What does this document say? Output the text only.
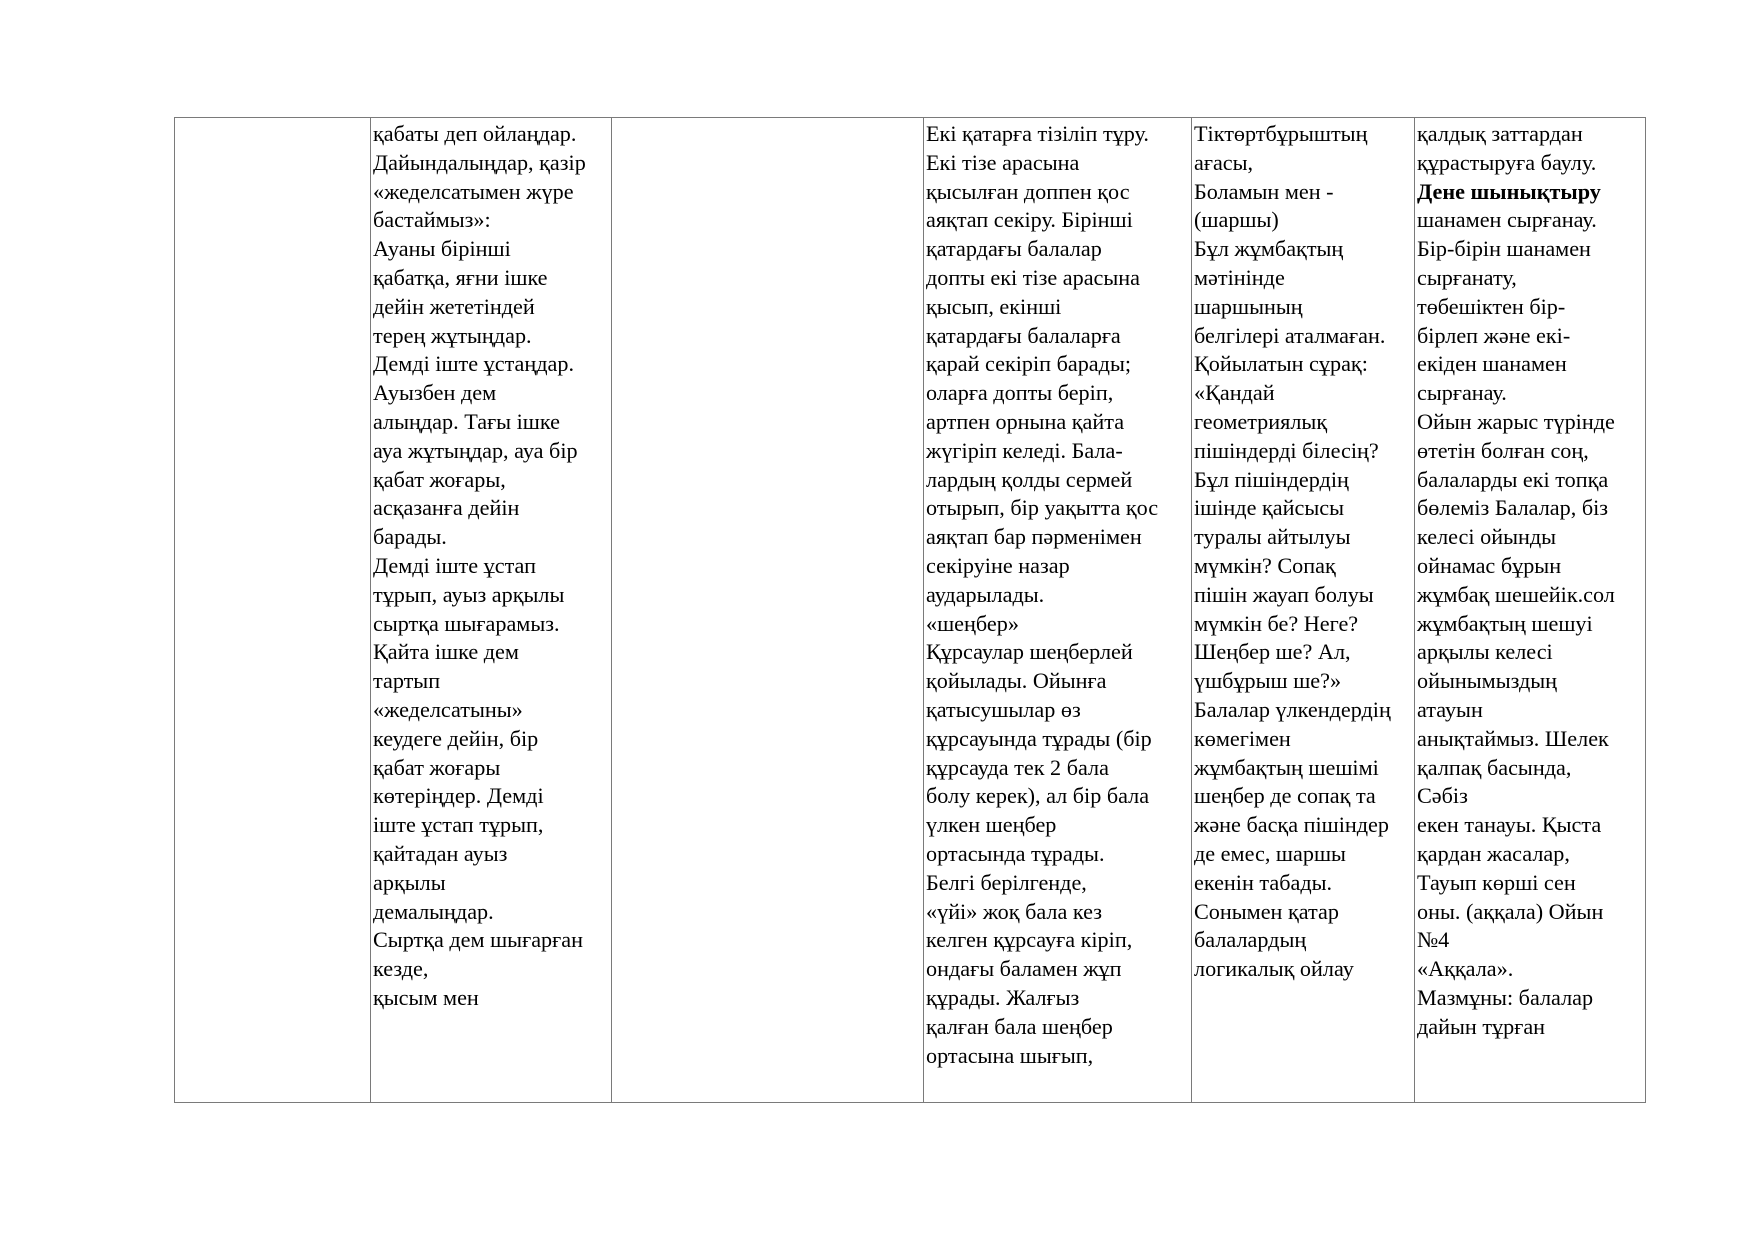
қабаты деп ойлаңдар.
Дайындалыңдар, қазір
«жеделсатымен жүре
бастаймыз»:
Ауаны бірінші
қабатқа, яғни ішке
дейін жететіндей
терең жұтыңдар.
Демді іште ұстаңдар.
Ауызбен дем
алыңдар. Тағы ішке
ауа жұтыңдар, ауа бір
қабат жоғары,
асқазанға дейін
барады.
Демді іште ұстап
тұрып, ауыз арқылы
сыртқа шығарамыз.
Қайта ішке дем
тартып
«жеделсатыны»
кеудеге дейін, бір
қабат жоғары
көтеріңдер. Демді
іште ұстап тұрып,
қайтадан ауыз
арқылы
демалыңдар.
Сыртқа дем шығарған
кезде,
қысым мен
Екі қатарға тізіліп тұру.
Екі тізе арасына
қысылған доппен қос
аяқтап секіру. Бірінші
қатардағы балалар
допты екі тізе арасына
қысып, екінші
қатардағы балаларға
қарай секіріп барады;
оларға допты беріп,
артпен орнына қайта
жүгіріп келеді. Бала-
лардың қолды сермей
отырып, бір уақытта қос
аяқтап бар пәрменімен
секіруіне назар
аударылады.
«шеңбер»
Құрсаулар шеңберлей
қойылады. Ойынға
қатысушылар өз
құрсауында тұрады (бір
құрсауда тек 2 бала
болу керек), ал бір бала
үлкен шеңбер
ортасында тұрады.
Белгі берілгенде,
«үйі» жоқ бала кез
келген құрсауға кіріп,
ондағы баламен жұп
құрады. Жалғыз
қалған бала шеңбер
ортасына шығып,
Тіктөртбұрыштың
ағасы,
Боламын мен -
(шаршы)
Бұл жұмбақтың
мәтінінде
шаршының
белгілері аталмаған.
Қойылатын сұрақ:
«Қандай
геометриялық
пішіндерді білесің?
Бұл пішіндердің
ішінде қайсысы
туралы айтылуы
мүмкін? Сопақ
пішін жауап болуы
мүмкін бе? Неге?
Шеңбер ше? Ал,
үшбұрыш ше?»
Балалар үлкендердің
көмегімен
жұмбақтың шешімі
шеңбер де сопақ та
және басқа пішіндер
де емес, шаршы
екенін табады.
Сонымен қатар
балалардың
логикалық ойлау
қалдық заттардан
құрастыруға баулу.
Дене шынықтыру
шанамен сырғанау.
Бір-бірін шанамен
сырғанату,
төбешіктен бір-
бірлеп және екі-
екіден шанамен
сырғанау.
Ойын жарыс түрінде
өтетін болған соң,
балаларды екі топқа
бөлеміз Балалар, біз
келесі ойынды
ойнамас бұрын
жұмбақ шешейік.сол
жұмбақтың шешуі
арқылы келесі
ойынымыздың
атауын
анықтаймыз. Шелек
қалпақ басында,
Сәбіз
екен танауы. Қыста
қардан жасалар,
Тауып көрші сен
оны. (аққала) Ойын
№4
«Аққала».
Мазмұны: балалар
дайын тұрған
